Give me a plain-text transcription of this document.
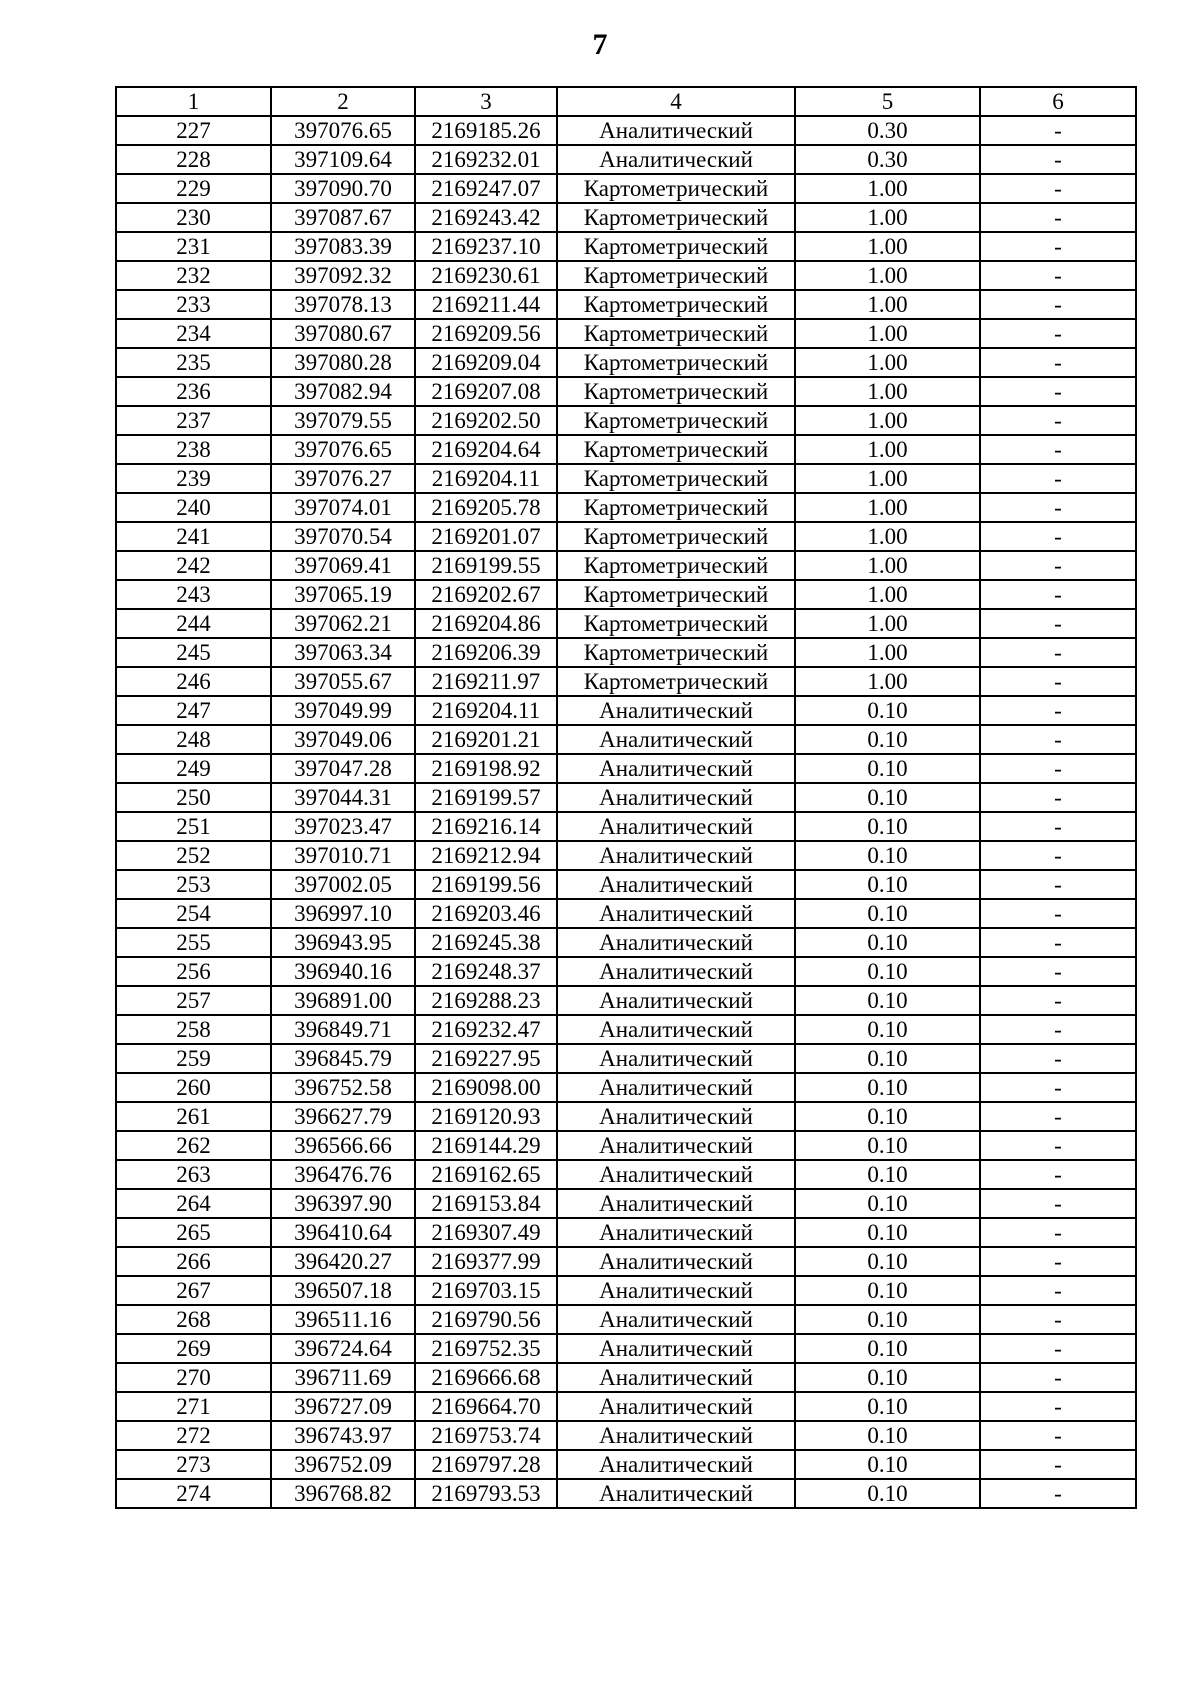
7
1	2	3	4	5	6
227	397076.65	2169185.26	Аналитический	0.30	-
228	397109.64	2169232.01	Аналитический	0.30	-
229	397090.70	2169247.07	Картометрический	1.00	-
230	397087.67	2169243.42	Картометрический	1.00	-
231	397083.39	2169237.10	Картометрический	1.00	-
232	397092.32	2169230.61	Картометрический	1.00	-
233	397078.13	2169211.44	Картометрический	1.00	-
234	397080.67	2169209.56	Картометрический	1.00	-
235	397080.28	2169209.04	Картометрический	1.00	-
236	397082.94	2169207.08	Картометрический	1.00	-
237	397079.55	2169202.50	Картометрический	1.00	-
238	397076.65	2169204.64	Картометрический	1.00	-
239	397076.27	2169204.11	Картометрический	1.00	-
240	397074.01	2169205.78	Картометрический	1.00	-
241	397070.54	2169201.07	Картометрический	1.00	-
242	397069.41	2169199.55	Картометрический	1.00	-
243	397065.19	2169202.67	Картометрический	1.00	-
244	397062.21	2169204.86	Картометрический	1.00	-
245	397063.34	2169206.39	Картометрический	1.00	-
246	397055.67	2169211.97	Картометрический	1.00	-
247	397049.99	2169204.11	Аналитический	0.10	-
248	397049.06	2169201.21	Аналитический	0.10	-
249	397047.28	2169198.92	Аналитический	0.10	-
250	397044.31	2169199.57	Аналитический	0.10	-
251	397023.47	2169216.14	Аналитический	0.10	-
252	397010.71	2169212.94	Аналитический	0.10	-
253	397002.05	2169199.56	Аналитический	0.10	-
254	396997.10	2169203.46	Аналитический	0.10	-
255	396943.95	2169245.38	Аналитический	0.10	-
256	396940.16	2169248.37	Аналитический	0.10	-
257	396891.00	2169288.23	Аналитический	0.10	-
258	396849.71	2169232.47	Аналитический	0.10	-
259	396845.79	2169227.95	Аналитический	0.10	-
260	396752.58	2169098.00	Аналитический	0.10	-
261	396627.79	2169120.93	Аналитический	0.10	-
262	396566.66	2169144.29	Аналитический	0.10	-
263	396476.76	2169162.65	Аналитический	0.10	-
264	396397.90	2169153.84	Аналитический	0.10	-
265	396410.64	2169307.49	Аналитический	0.10	-
266	396420.27	2169377.99	Аналитический	0.10	-
267	396507.18	2169703.15	Аналитический	0.10	-
268	396511.16	2169790.56	Аналитический	0.10	-
269	396724.64	2169752.35	Аналитический	0.10	-
270	396711.69	2169666.68	Аналитический	0.10	-
271	396727.09	2169664.70	Аналитический	0.10	-
272	396743.97	2169753.74	Аналитический	0.10	-
273	396752.09	2169797.28	Аналитический	0.10	-
274	396768.82	2169793.53	Аналитический	0.10	-
